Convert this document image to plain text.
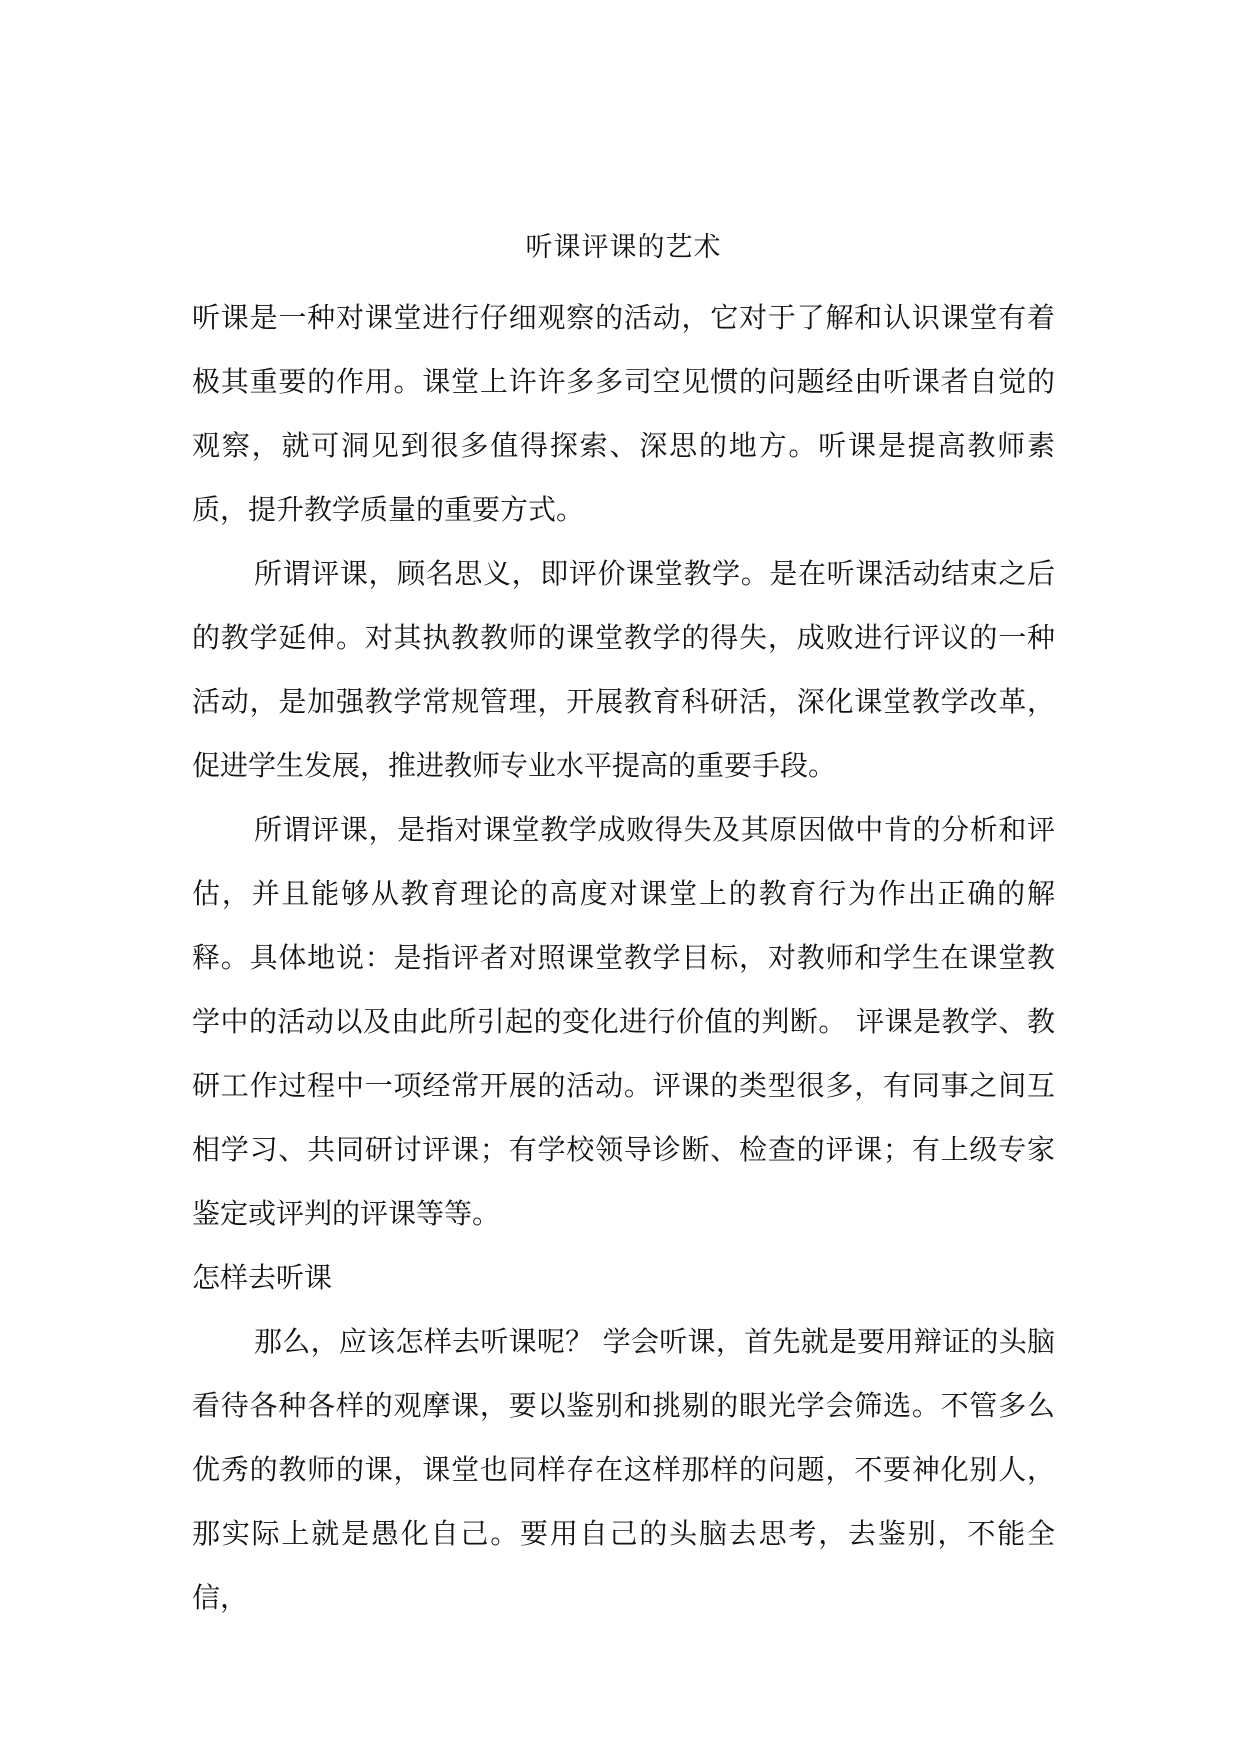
听课评课的艺术

听课是一种对课堂进行仔细观察的活动，它对于了解和认识课堂有着极其重要的作用。课堂上许许多多司空见惯的问题经由听课者自觉的观察，就可洞见到很多值得探索、深思的地方。听课是提高教师素质，提升教学质量的重要方式。

所谓评课，顾名思义，即评价课堂教学。是在听课活动结束之后的教学延伸。对其执教教师的课堂教学的得失，成败进行评议的一种活动，是加强教学常规管理，开展教育科研活，深化课堂教学改革，促进学生发展，推进教师专业水平提高的重要手段。

所谓评课，是指对课堂教学成败得失及其原因做中肯的分析和评估，并且能够从教育理论的高度对课堂上的教育行为作出正确的解释。具体地说：是指评者对照课堂教学目标，对教师和学生在课堂教学中的活动以及由此所引起的变化进行价值的判断。 评课是教学、教研工作过程中一项经常开展的活动。评课的类型很多，有同事之间互相学习、共同研讨评课；有学校领导诊断、检查的评课；有上级专家鉴定或评判的评课等等。

怎样去听课

那么，应该怎样去听课呢？ 学会听课，首先就是要用辩证的头脑看待各种各样的观摩课，要以鉴别和挑剔的眼光学会筛选。不管多么优秀的教师的课，课堂也同样存在这样那样的问题，不要神化别人，那实际上就是愚化自己。要用自己的头脑去思考，去鉴别，不能全信，
